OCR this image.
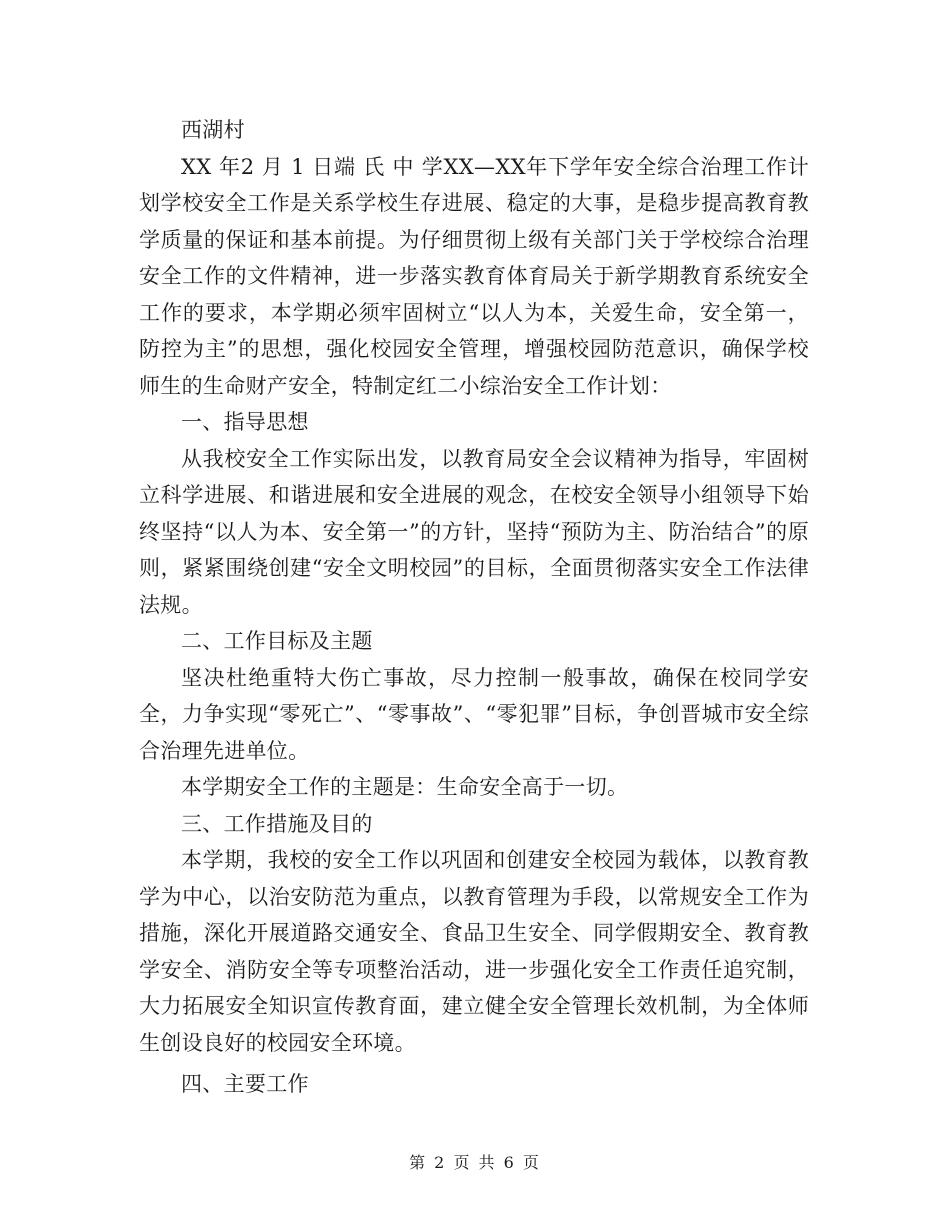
西湖村

XX 年2 月 1 日端 氏 中 学XX—XX年下学年安全综合治理工作计划学校安全工作是关系学校生存进展、稳定的大事，是稳步提高教育教学质量的保证和基本前提。为仔细贯彻上级有关部门关于学校综合治理安全工作的文件精神，进一步落实教育体育局关于新学期教育系统安全工作的要求，本学期必须牢固树立“以人为本，关爱生命，安全第一，防控为主”的思想，强化校园安全管理，增强校园防范意识，确保学校师生的生命财产安全，特制定红二小综治安全工作计划：

一、指导思想

从我校安全工作实际出发，以教育局安全会议精神为指导，牢固树立科学进展、和谐进展和安全进展的观念，在校安全领导小组领导下始终坚持“以人为本、安全第一”的方针，坚持“预防为主、防治结合”的原则，紧紧围绕创建“安全文明校园”的目标，全面贯彻落实安全工作法律法规。

二、工作目标及主题

坚决杜绝重特大伤亡事故，尽力控制一般事故，确保在校同学安全，力争实现“零死亡”、“零事故”、“零犯罪”目标，争创晋城市安全综合治理先进单位。

本学期安全工作的主题是：生命安全高于一切。

三、工作措施及目的

本学期，我校的安全工作以巩固和创建安全校园为载体，以教育教学为中心，以治安防范为重点，以教育管理为手段，以常规安全工作为措施，深化开展道路交通安全、食品卫生安全、同学假期安全、教育教学安全、消防安全等专项整治活动，进一步强化安全工作责任追究制，大力拓展安全知识宣传教育面，建立健全安全管理长效机制，为全体师生创设良好的校园安全环境。

四、主要工作

第 2 页 共 6 页
